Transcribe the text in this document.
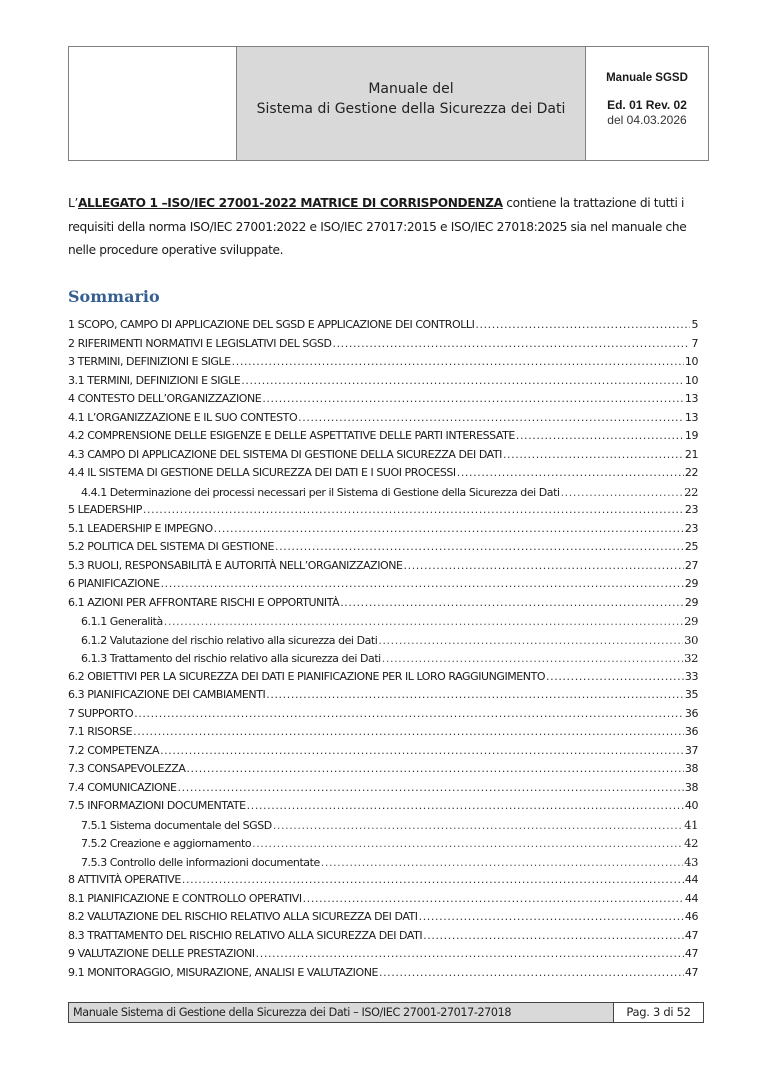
Manuale del
Sistema di Gestione della Sicurezza dei Dati
Manuale SGSD
Ed. 01 Rev. 02
del 04.03.2026
L’ALLEGATO 1 –ISO/IEC 27001-2022 MATRICE DI CORRISPONDENZA contiene la trattazione di tutti i requisiti della norma ISO/IEC 27001:2022 e ISO/IEC 27017:2015 e ISO/IEC 27018:2025 sia nel manuale che nelle procedure operative sviluppate.
Sommario
1 SCOPO, CAMPO DI APPLICAZIONE DEL SGSD E APPLICAZIONE DEI CONTROLLI .....	5
2 RIFERIMENTI NORMATIVI E LEGISLATIVI DEL SGSD .....	7
3 TERMINI, DEFINIZIONI E SIGLE .....	10
3.1 TERMINI, DEFINIZIONI E SIGLE .....	10
4 CONTESTO DELL’ORGANIZZAZIONE .....	13
4.1 L’ORGANIZZAZIONE E IL SUO CONTESTO .....	13
4.2 COMPRENSIONE DELLE ESIGENZE E DELLE ASPETTATIVE DELLE PARTI INTERESSATE .....	19
4.3 CAMPO DI APPLICAZIONE DEL SISTEMA DI GESTIONE DELLA SICUREZZA DEI DATI .....	21
4.4 IL SISTEMA DI GESTIONE DELLA SICUREZZA DEI DATI E I SUOI PROCESSI .....	22
4.4.1 Determinazione dei processi necessari per il Sistema di Gestione della Sicurezza dei Dati .....	22
5 LEADERSHIP .....	23
5.1 LEADERSHIP E IMPEGNO .....	23
5.2 POLITICA DEL SISTEMA DI GESTIONE .....	25
5.3 RUOLI, RESPONSABILITÀ E AUTORITÀ NELL’ORGANIZZAZIONE .....	27
6 PIANIFICAZIONE .....	29
6.1 AZIONI PER AFFRONTARE RISCHI E OPPORTUNITÀ .....	29
6.1.1 Generalità .....	29
6.1.2 Valutazione del rischio relativo alla sicurezza dei Dati .....	30
6.1.3 Trattamento del rischio relativo alla sicurezza dei Dati .....	32
6.2 OBIETTIVI PER LA SICUREZZA DEI DATI E PIANIFICAZIONE PER IL LORO RAGGIUNGIMENTO .....	33
6.3 PIANIFICAZIONE DEI CAMBIAMENTI .....	35
7 SUPPORTO .....	36
7.1 RISORSE .....	36
7.2 COMPETENZA .....	37
7.3 CONSAPEVOLEZZA .....	38
7.4 COMUNICAZIONE .....	38
7.5 INFORMAZIONI DOCUMENTATE .....	40
7.5.1 Sistema documentale del SGSD .....	41
7.5.2 Creazione e aggiornamento .....	42
7.5.3 Controllo delle informazioni documentate .....	43
8 ATTIVITÀ OPERATIVE .....	44
8.1 PIANIFICAZIONE E CONTROLLO OPERATIVI .....	44
8.2 VALUTAZIONE DEL RISCHIO RELATIVO ALLA SICUREZZA DEI DATI .....	46
8.3 TRATTAMENTO DEL RISCHIO RELATIVO ALLA SICUREZZA DEI DATI .....	47
9 VALUTAZIONE DELLE PRESTAZIONI .....	47
9.1 MONITORAGGIO, MISURAZIONE, ANALISI E VALUTAZIONE .....	47
Manuale Sistema di Gestione della Sicurezza dei Dati – ISO/IEC 27001-27017-27018	Pag. 3 di 52
